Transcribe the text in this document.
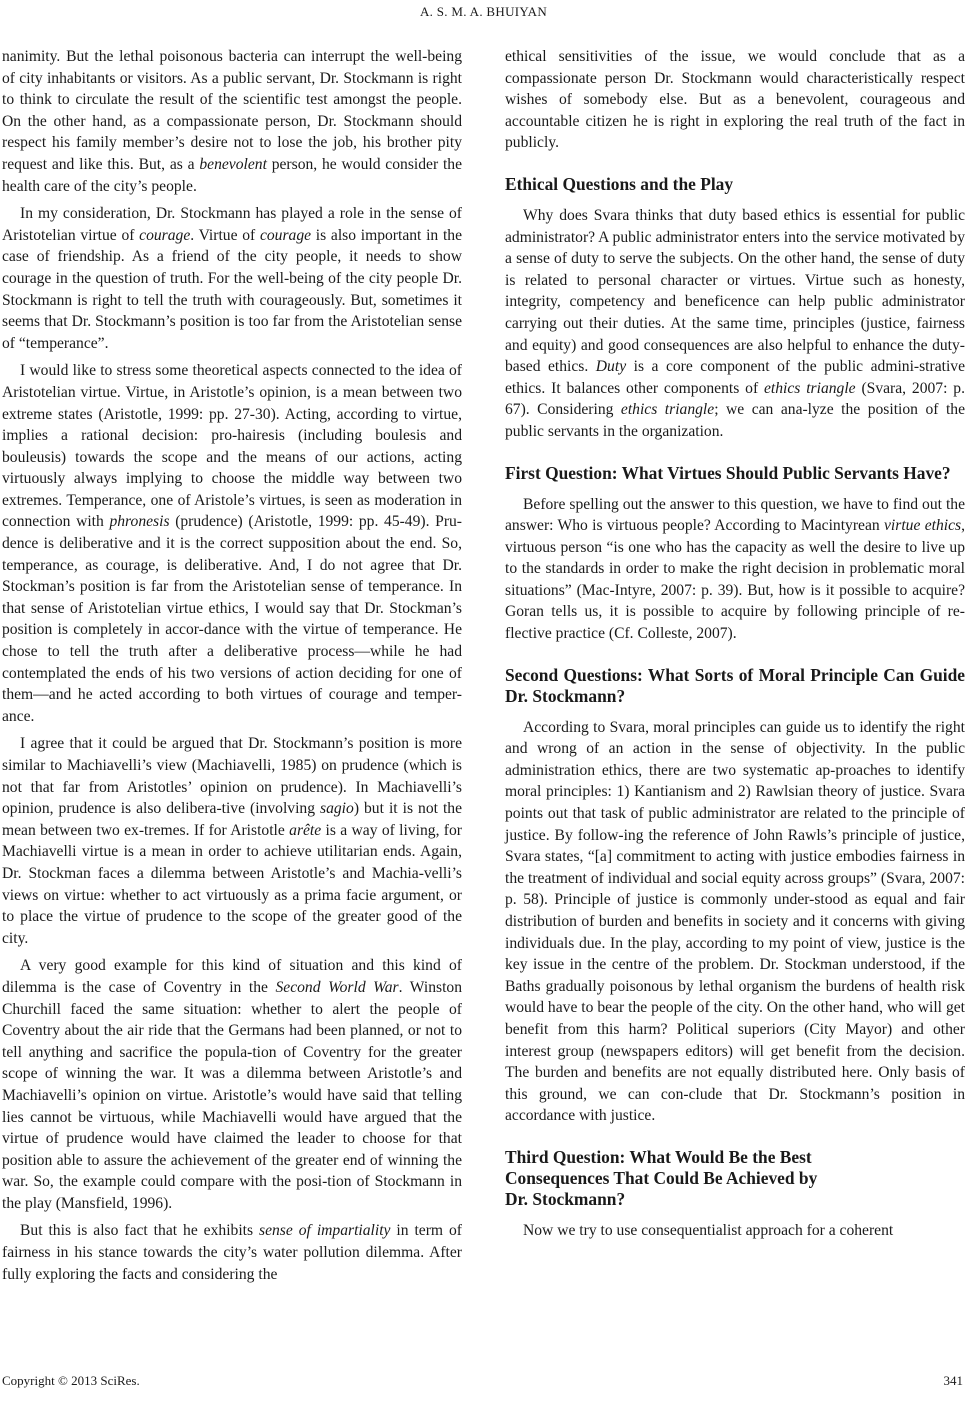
A. S. M. A. BHUIYAN

nanimity. But the lethal poisonous bacteria can interrupt the well-being of city inhabitants or visitors. As a public servant, Dr. Stockmann is right to think to circulate the result of the scientific test amongst the people. On the other hand, as a compassionate person, Dr. Stockmann should respect his family member’s desire not to lose the job, his brother pity request and like this. But, as a benevolent person, he would consider the health care of the city’s people.

In my consideration, Dr. Stockmann has played a role in the sense of Aristotelian virtue of courage. Virtue of courage is also important in the case of friendship. As a friend of the city people, it needs to show courage in the question of truth. For the well-being of the city people Dr. Stockmann is right to tell the truth with courageously. But, sometimes it seems that Dr. Stockmann’s position is too far from the Aristotelian sense of “temperance”.

I would like to stress some theoretical aspects connected to the idea of Aristotelian virtue. Virtue, in Aristotle’s opinion, is a mean between two extreme states (Aristotle, 1999: pp. 27-30). Acting, according to virtue, implies a rational decision: pro-hairesis (including boulesis and bouleusis) towards the scope and the means of our actions, acting virtuously always implying to choose the middle way between two extremes. Temperance, one of Aristole’s virtues, is seen as moderation in connection with phronesis (prudence) (Aristotle, 1999: pp. 45-49). Pru-dence is deliberative and it is the correct supposition about the end. So, temperance, as courage, is deliberative. And, I do not agree that Dr. Stockman’s position is far from the Aristotelian sense of temperance. In that sense of Aristotelian virtue ethics, I would say that Dr. Stockman’s position is completely in accor-dance with the virtue of temperance. He chose to tell the truth after a deliberative process—while he had contemplated the ends of his two versions of action deciding for one of them—and he acted according to both virtues of courage and temper-ance.

I agree that it could be argued that Dr. Stockmann’s position is more similar to Machiavelli’s view (Machiavelli, 1985) on prudence (which is not that far from Aristotles’ opinion on prudence). In Machiavelli’s opinion, prudence is also delibera-tive (involving sagio) but it is not the mean between two ex-tremes. If for Aristotle arête is a way of living, for Machiavelli virtue is a mean in order to achieve utilitarian ends. Again, Dr. Stockman faces a dilemma between Aristotle’s and Machia-velli’s views on virtue: whether to act virtuously as a prima facie argument, or to place the virtue of prudence to the scope of the greater good of the city.

A very good example for this kind of situation and this kind of dilemma is the case of Coventry in the Second World War. Winston Churchill faced the same situation: whether to alert the people of Coventry about the air ride that the Germans had been planned, or not to tell anything and sacrifice the popula-tion of Coventry for the greater scope of winning the war. It was a dilemma between Aristotle’s and Machiavelli’s opinion on virtue. Aristotle’s would have said that telling lies cannot be virtuous, while Machiavelli would have argued that the virtue of prudence would have claimed the leader to choose for that position able to assure the achievement of the greater end of winning the war. So, the example could compare with the posi-tion of Stockmann in the play (Mansfield, 1996).

But this is also fact that he exhibits sense of impartiality in term of fairness in his stance towards the city’s water pollution dilemma. After fully exploring the facts and considering the

ethical sensitivities of the issue, we would conclude that as a compassionate person Dr. Stockmann would characteristically respect wishes of somebody else. But as a benevolent, courageous and accountable citizen he is right in exploring the real truth of the fact in publicly.

Ethical Questions and the Play

Why does Svara thinks that duty based ethics is essential for public administrator? A public administrator enters into the service motivated by a sense of duty to serve the subjects. On the other hand, the sense of duty is related to personal character or virtues. Virtue such as honesty, integrity, competency and beneficence can help public administrator carrying out their duties. At the same time, principles (justice, fairness and equity) and good consequences are also helpful to enhance the duty-based ethics. Duty is a core component of the public admini-strative ethics. It balances other components of ethics triangle (Svara, 2007: p. 67). Considering ethics triangle; we can ana-lyze the position of the public servants in the organization.

First Question: What Virtues Should Public Servants Have?

Before spelling out the answer to this question, we have to find out the answer: Who is virtuous people? According to Macintyrean virtue ethics, virtuous person “is one who has the capacity as well the desire to live up to the standards in order to make the right decision in problematic moral situations” (Mac-Intyre, 2007: p. 39). But, how is it possible to acquire? Goran tells us, it is possible to acquire by following principle of re-flective practice (Cf. Colleste, 2007).

Second Questions: What Sorts of Moral Principle Can Guide Dr. Stockmann?

According to Svara, moral principles can guide us to identify the right and wrong of an action in the sense of objectivity. In the public administration ethics, there are two systematic ap-proaches to identify moral principles: 1) Kantianism and 2) Rawlsian theory of justice. Svara points out that task of public administrator are related to the principle of justice. By follow-ing the reference of John Rawls’s principle of justice, Svara states, “[a] commitment to acting with justice embodies fairness in the treatment of individual and social equity across groups” (Svara, 2007: p. 58). Principle of justice is commonly under-stood as equal and fair distribution of burden and benefits in society and it concerns with giving individuals due. In the play, according to my point of view, justice is the key issue in the centre of the problem. Dr. Stockman understood, if the Baths gradually poisonous by lethal organism the burdens of health risk would have to bear the people of the city. On the other hand, who will get benefit from this harm? Political superiors (City Mayor) and other interest group (newspapers editors) will get benefit from the decision. The burden and benefits are not equally distributed here. Only basis of this ground, we can con-clude that Dr. Stockmann’s position in accordance with justice.

Third Question: What Would Be the Best
Consequences That Could Be Achieved by
Dr. Stockmann?

Now we try to use consequentialist approach for a coherent

Copyright © 2013 SciRes.	341
